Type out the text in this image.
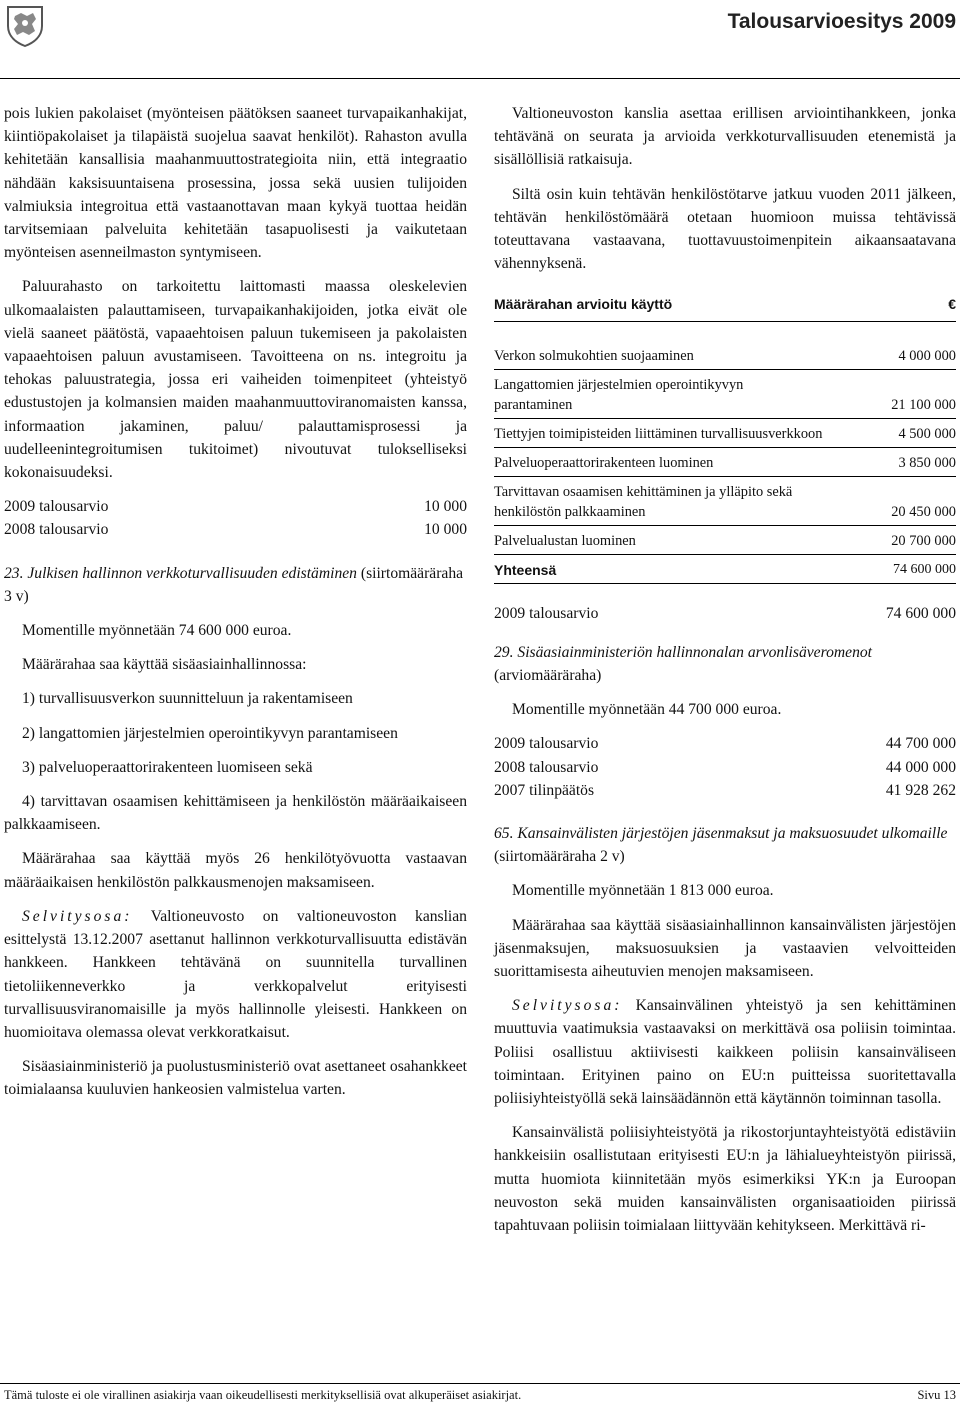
Talousarvioesitys 2009

pois lukien pakolaiset (myönteisen päätöksen saaneet turvapaikanhakijat, kiintiöpakolaiset ja tilapäistä suojelua saavat henkilöt). Rahaston avulla kehitetään kansallisia maahanmuuttostrategioita niin, että integraatio nähdään kaksisuuntaisena prosessina, jossa sekä uusien tulijoiden valmiuksia integroitua että vastaanottavan maan kykyä tuottaa heidän tarvitsemiaan palveluita kehitetään tasapuolisesti ja vaikutetaan myönteisen asenneilmaston syntymiseen.

Paluurahasto on tarkoitettu laittomasti maassa oleskelevien ulkomaalaisten palauttamiseen, turvapaikanhakijoiden, jotka eivät ole vielä saaneet päätöstä, vapaaehtoisen paluun tukemiseen ja pakolaisten vapaaehtoisen paluun avustamiseen. Tavoitteena on ns. integroitu ja tehokas paluustrategia, jossa eri vaiheiden toimenpiteet (yhteistyö edustustojen ja kolmansien maiden maahanmuuttoviranomaisten kanssa, informaation jakaminen, paluu/ palauttamisprosessi ja uudelleenintegroitumisen tukitoimet) nivoutuvat tulokselliseksi kokonaisuudeksi.

2009 talousarvio	10 000
2008 talousarvio	10 000

23. Julkisen hallinnon verkkoturvallisuuden edistäminen (siirtomääräraha 3 v)

Momentille myönnetään 74 600 000 euroa.

Määrärahaa saa käyttää sisäasiainhallinnossa:

1) turvallisuusverkon suunnitteluun ja rakentamiseen

2) langattomien järjestelmien operointikyvyn parantamiseen

3) palveluoperaattorirakenteen luomiseen sekä

4) tarvittavan osaamisen kehittämiseen ja henkilöstön määräaikaiseen palkkaamiseen.

Määrärahaa saa käyttää myös 26 henkilötyövuotta vastaavan määräaikaisen henkilöstön palkkausmenojen maksamiseen.

Selvitysosa: Valtioneuvosto on valtioneuvoston kanslian esittelystä 13.12.2007 asettanut hallinnon verkkoturvallisuutta edistävän hankkeen. Hankkeen tehtävänä on suunnitella turvallinen tietoliikenneverkko ja verkkopalvelut erityisesti turvallisuusviranomaisille ja myös hallinnolle yleisesti. Hankkeen on huomioitava olemassa olevat verkkoratkaisut.

Sisäasiainministeriö ja puolustusministeriö ovat asettaneet osahankkeet toimialaansa kuuluvien hankeosien valmistelua varten.

Valtioneuvoston kanslia asettaa erillisen arviointihankkeen, jonka tehtävänä on seurata ja arvioida verkkoturvallisuuden etenemistä ja sisällöllisiä ratkaisuja.

Siltä osin kuin tehtävän henkilöstötarve jatkuu vuoden 2011 jälkeen, tehtävän henkilöstömäärä otetaan huomioon muissa tehtävissä toteuttavana vastaavana, tuottavuustoimenpitein aikaansaatavana vähennyksenä.

Määrärahan arvioitu käyttö	€
Verkon solmukohtien suojaaminen	4 000 000
Langattomien järjestelmien operointikyvyn parantaminen	21 100 000
Tiettyjen toimipisteiden liittäminen turvallisuusverkkoon	4 500 000
Palveluoperaattorirakenteen luominen	3 850 000
Tarvittavan osaamisen kehittäminen ja ylläpito sekä henkilöstön palkkaaminen	20 450 000
Palvelualustan luominen	20 700 000
Yhteensä	74 600 000
2009 talousarvio	74 600 000

29. Sisäasiainministeriön hallinnonalan arvonlisäveromenot (arviomääräraha)

Momentille myönnetään 44 700 000 euroa.

2009 talousarvio	44 700 000
2008 talousarvio	44 000 000
2007 tilinpäätös	41 928 262

65. Kansainvälisten järjestöjen jäsenmaksut ja maksuosuudet ulkomaille (siirtomääräraha 2 v)

Momentille myönnetään 1 813 000 euroa.

Määrärahaa saa käyttää sisäasiainhallinnon kansainvälisten järjestöjen jäsenmaksujen, maksuosuuksien ja vastaavien velvoitteiden suorittamisesta aiheutuvien menojen maksamiseen.

Selvitysosa: Kansainvälinen yhteistyö ja sen kehittäminen muuttuvia vaatimuksia vastaavaksi on merkittävä osa poliisin toimintaa. Poliisi osallistuu aktiivisesti kaikkeen poliisin kansainväliseen toimintaan. Erityinen paino on EU:n puitteissa suoritettavalla poliisiyhteistyöllä sekä lainsäädännön että käytännön toiminnan tasolla.

Kansainvälistä poliisiyhteistyötä ja rikostorjuntayhteistyötä edistäviin hankkeisiin osallistutaan erityisesti EU:n ja lähialueyhteistyön piirissä, mutta huomiota kiinnitetään myös esimerkiksi YK:n ja Euroopan neuvoston sekä muiden kansainvälisten organisaatioiden piirissä tapahtuvaan poliisin toimialaan liittyvään kehitykseen. Merkittävä ri-

Tämä tuloste ei ole virallinen asiakirja vaan oikeudellisesti merkityksellisiä ovat alkuperäiset asiakirjat.	Sivu 13
